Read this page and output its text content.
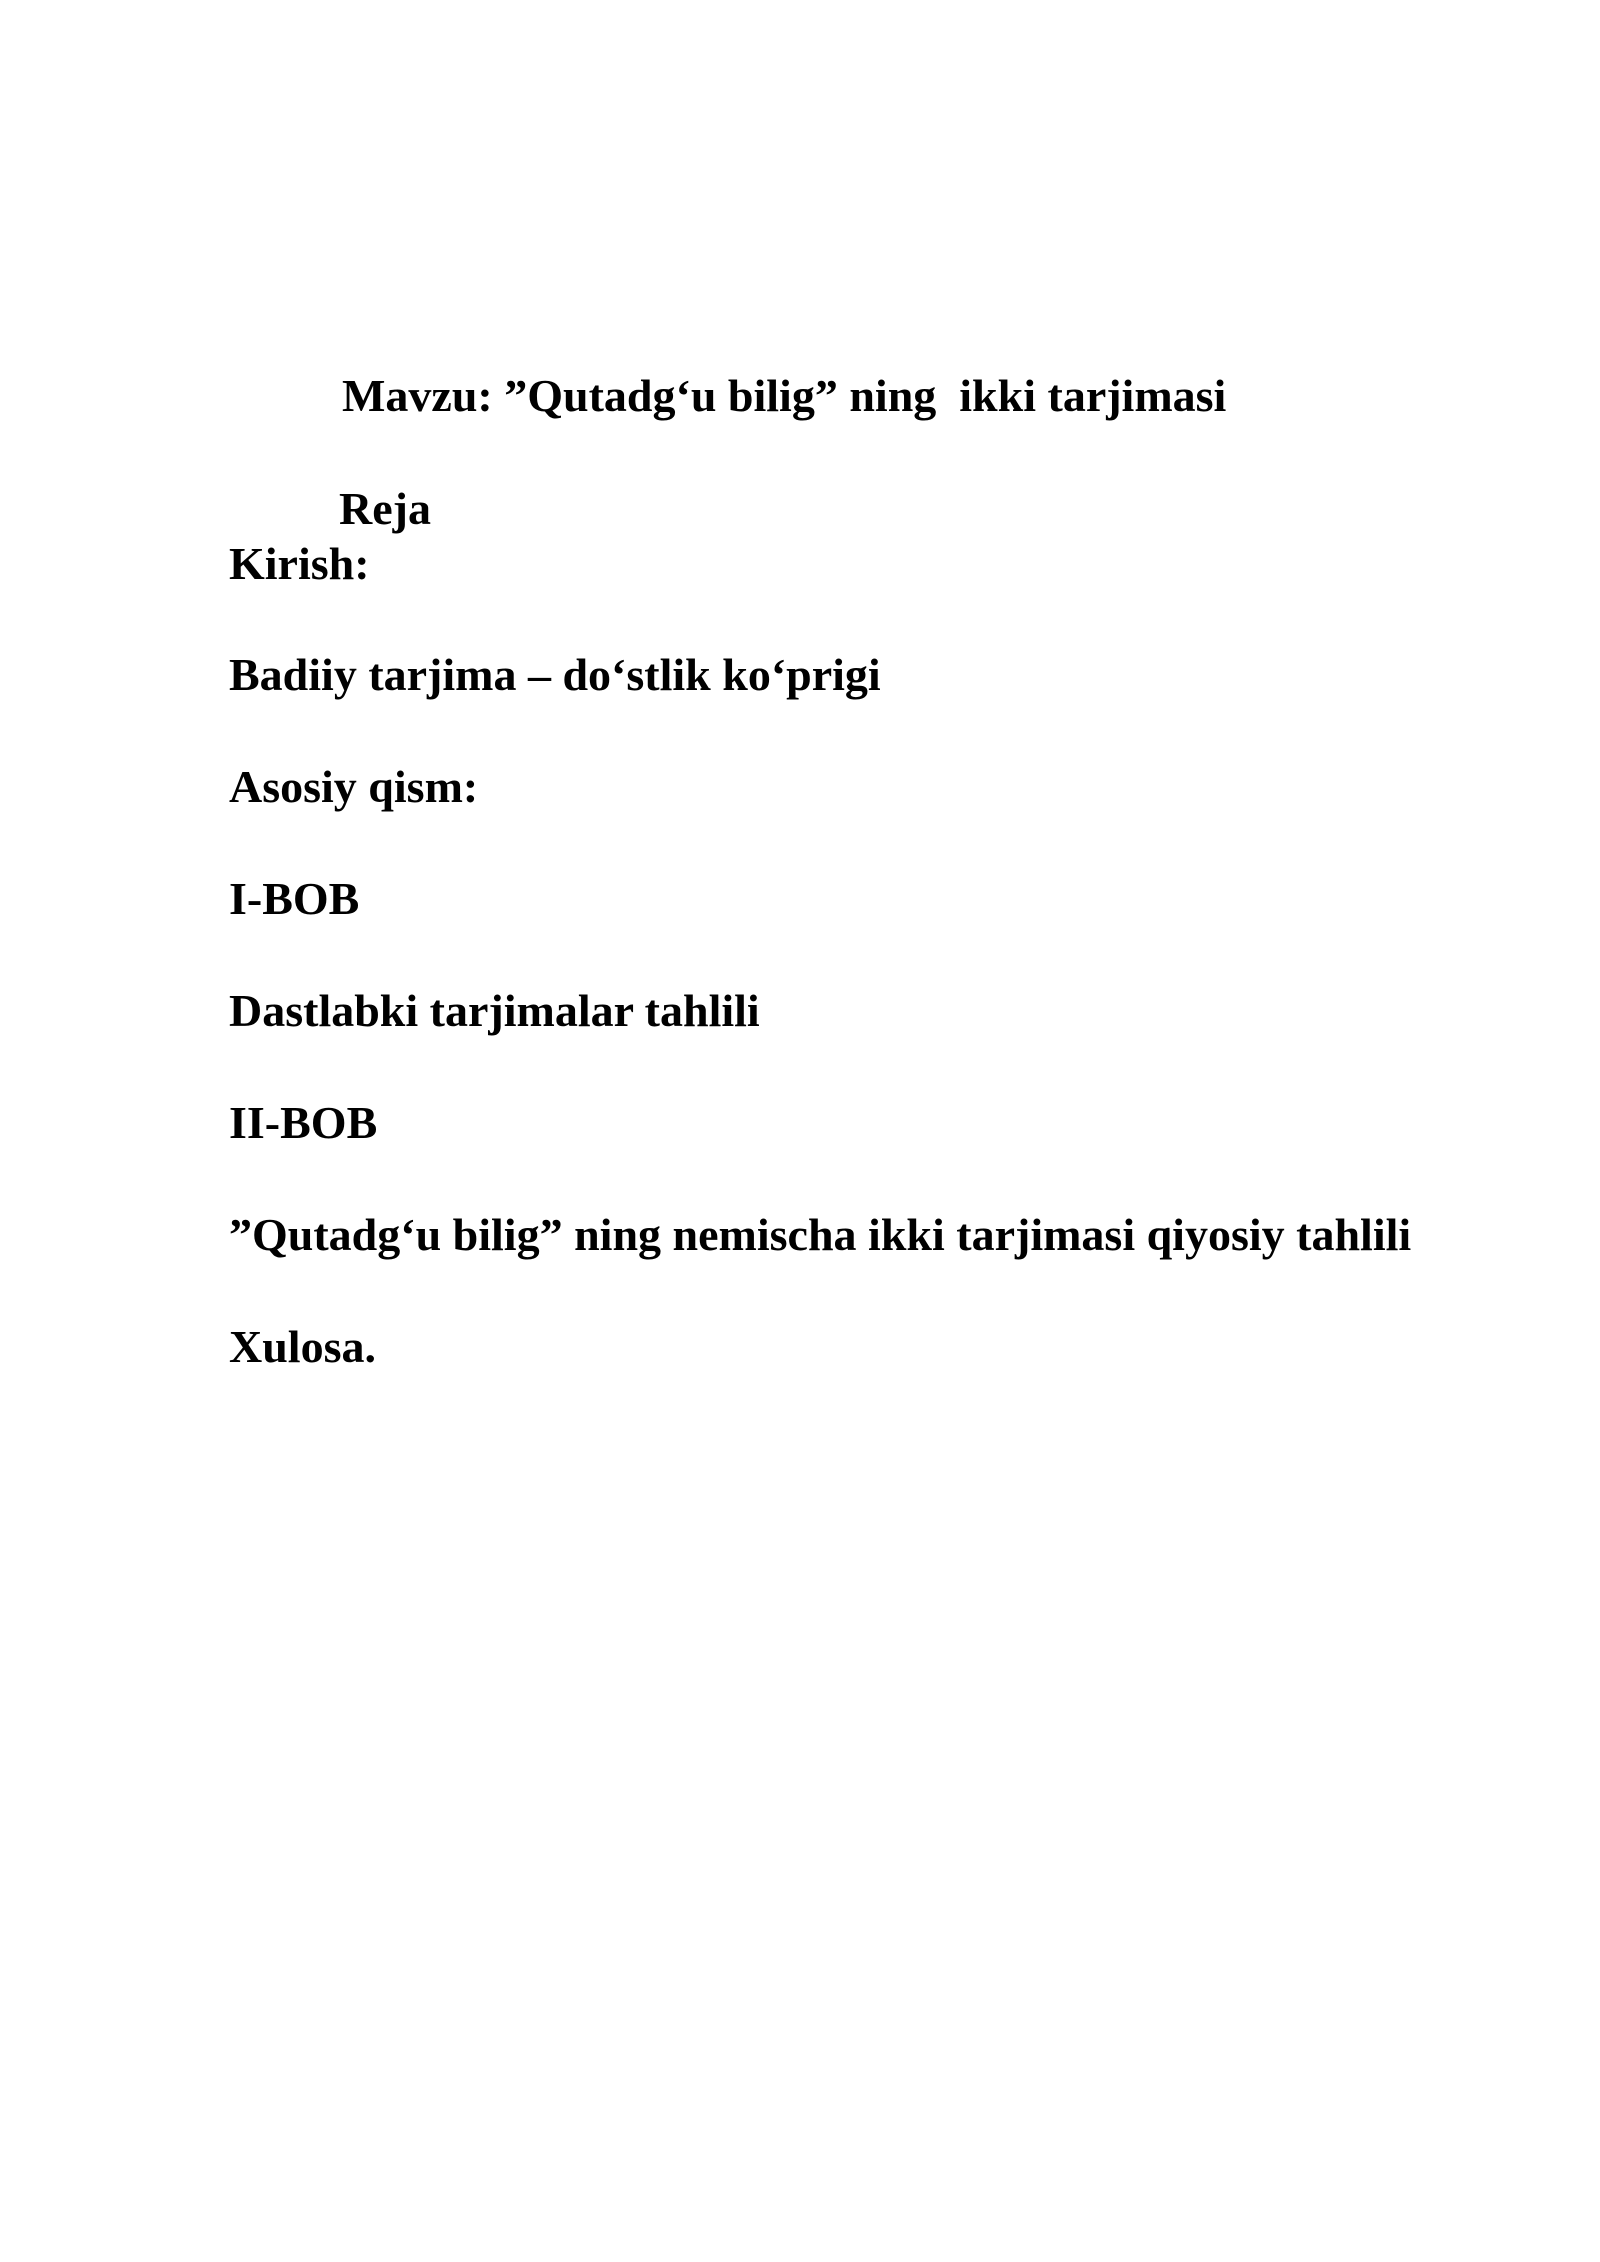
Mavzu: ”Qutadg‘u bilig” ning  ikki tarjimasi
Reja
Kirish:
Badiiy tarjima – do‘stlik ko‘prigi
Asosiy qism:
I-BOB
Dastlabki tarjimalar tahlili
II-BOB
”Qutadg‘u bilig” ning nemischa ikki tarjimasi qiyosiy tahlili
Xulosa.
